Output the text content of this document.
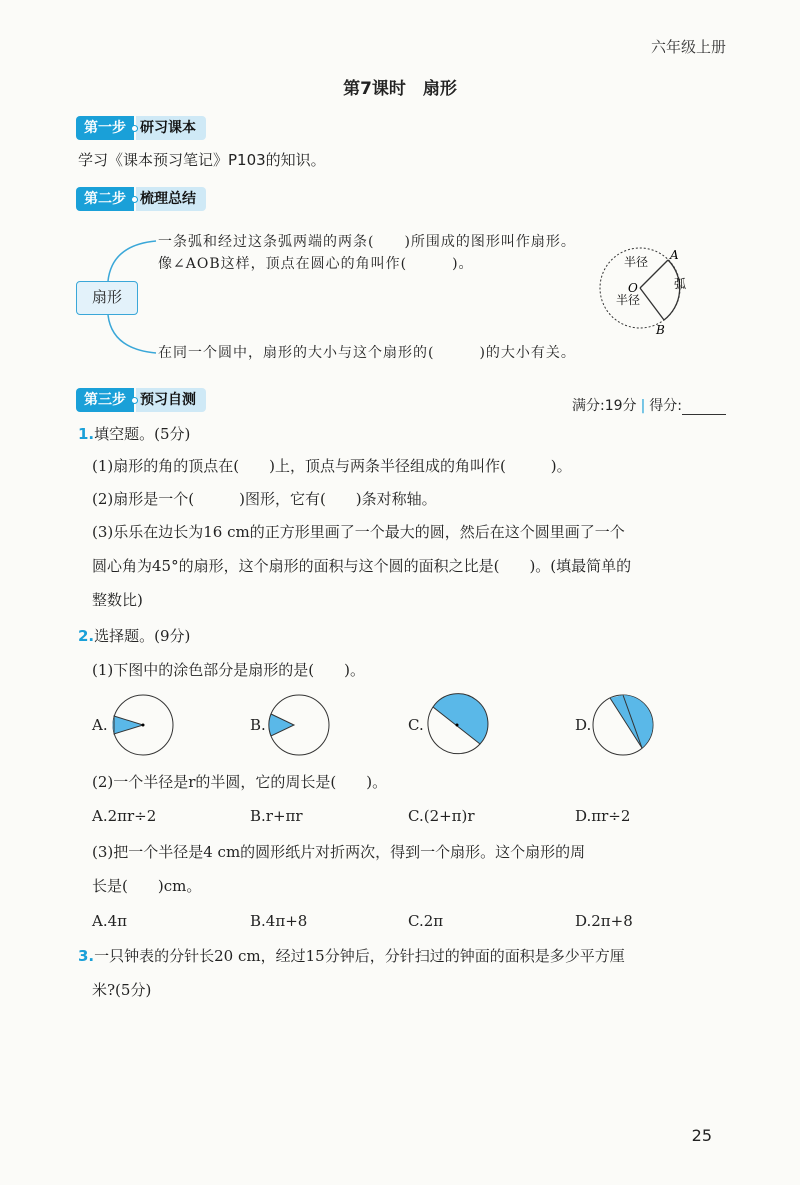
六年级上册
第7课时　扇形
第一步	研习课本
学习《课本预习笔记》P103的知识。
第二步	梳理总结
扇形
一条弧和经过这条弧两端的两条(　　)所围成的图形叫作扇形。
像∠AOB这样，顶点在圆心的角叫作(　　　)。
在同一个圆中，扇形的大小与这个扇形的(　　　)的大小有关。
半径
半径
弧
A
B
O
第三步	预习自测	满分:19分 | 得分:
1.填空题。(5分)
(1)扇形的角的顶点在(　　)上，顶点与两条半径组成的角叫作(　　　)。
(2)扇形是一个(　　　)图形，它有(　　)条对称轴。
(3)乐乐在边长为16 cm的正方形里画了一个最大的圆，然后在这个圆里画了一个
圆心角为45°的扇形，这个扇形的面积与这个圆的面积之比是(　　)。(填最简单的
整数比)
2.选择题。(9分)
(1)下图中的涂色部分是扇形的是(　　)。
A.	B.	C.	D.
(2)一个半径是r的半圆，它的周长是(　　)。
A.2πr÷2	B.r+πr	C.(2+π)r	D.πr÷2
(3)把一个半径是4 cm的圆形纸片对折两次，得到一个扇形。这个扇形的周
长是(　　)cm。
A.4π	B.4π+8	C.2π	D.2π+8
3.一只钟表的分针长20 cm，经过15分钟后，分针扫过的钟面的面积是多少平方厘
米?(5分)
25
